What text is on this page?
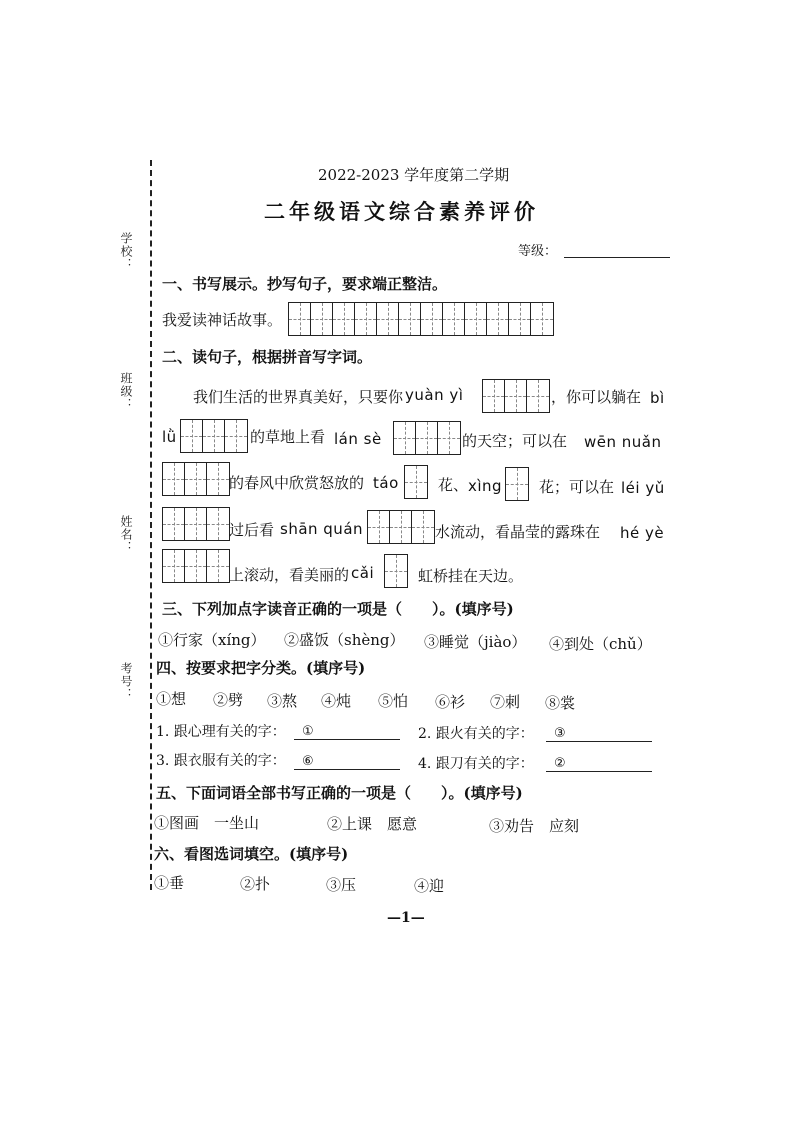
学校：
班级：
姓名：
考号：
2022-2023 学年度第二学期
二年级语文综合素养评价
等级：
一、书写展示。抄写句子，要求端正整洁。
我爱读神话故事。
二、读句子，根据拼音写字词。
我们生活的世界真美好，只要你 yuàn yì	，你可以躺在 bì
lǜ	的草地上看 lán sè	的天空；可以在 wēn nuǎn
的春风中欣赏怒放的 táo	花、 xìng 花；可以在 léi yǔ
过后看 shān quán	水流动，看晶莹的露珠在 hé yè
上滚动，看美丽的 cǎi	虹桥挂在天边。
三、下列加点字读音正确的一项是（　　）。(填序号)
①行家（xíng） ②盛饭（shèng） ③睡觉（jiào） ④到处（chǔ）
四、按要求把字分类。(填序号)
①想 ②劈 ③熬 ④炖 ⑤怕 ⑥衫 ⑦刺 ⑧裳
1. 跟心理有关的字：	①	2. 跟火有关的字：	③
3. 跟衣服有关的字：	⑥	4. 跟刀有关的字：	②
五、下面词语全部书写正确的一项是（　　）。(填序号)
①图画　一坐山	②上课　愿意	③劝告　应刻
六、看图选词填空。(填序号)
①垂	②扑	③压	④迎
—1—
